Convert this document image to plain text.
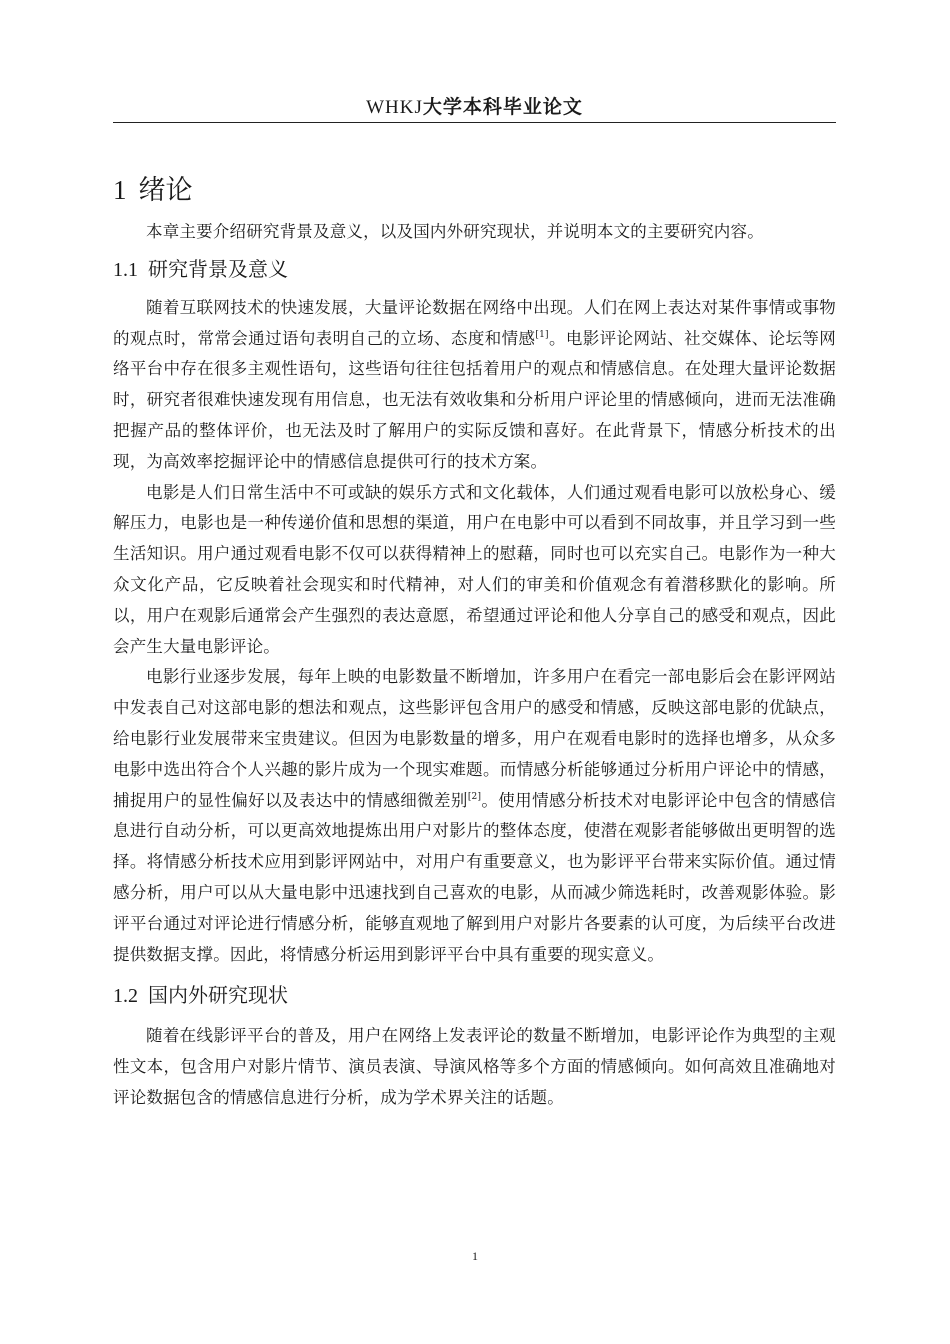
WHKJ大学本科毕业论文
1 绪论

本章主要介绍研究背景及意义，以及国内外研究现状，并说明本文的主要研究内容。

1.1 研究背景及意义

随着互联网技术的快速发展，大量评论数据在网络中出现。人们在网上表达对某件事情或事物的观点时，常常会通过语句表明自己的立场、态度和情感[1]。电影评论网站、社交媒体、论坛等网络平台中存在很多主观性语句，这些语句往往包括着用户的观点和情感信息。在处理大量评论数据时，研究者很难快速发现有用信息，也无法有效收集和分析用户评论里的情感倾向，进而无法准确把握产品的整体评价，也无法及时了解用户的实际反馈和喜好。在此背景下，情感分析技术的出现，为高效率挖掘评论中的情感信息提供可行的技术方案。

电影是人们日常生活中不可或缺的娱乐方式和文化载体，人们通过观看电影可以放松身心、缓解压力，电影也是一种传递价值和思想的渠道，用户在电影中可以看到不同故事，并且学习到一些生活知识。用户通过观看电影不仅可以获得精神上的慰藉，同时也可以充实自己。电影作为一种大众文化产品，它反映着社会现实和时代精神，对人们的审美和价值观念有着潜移默化的影响。所以，用户在观影后通常会产生强烈的表达意愿，希望通过评论和他人分享自己的感受和观点，因此会产生大量电影评论。

电影行业逐步发展，每年上映的电影数量不断增加，许多用户在看完一部电影后会在影评网站中发表自己对这部电影的想法和观点，这些影评包含用户的感受和情感，反映这部电影的优缺点，给电影行业发展带来宝贵建议。但因为电影数量的增多，用户在观看电影时的选择也增多，从众多电影中选出符合个人兴趣的影片成为一个现实难题。而情感分析能够通过分析用户评论中的情感，捕捉用户的显性偏好以及表达中的情感细微差别[2]。使用情感分析技术对电影评论中包含的情感信息进行自动分析，可以更高效地提炼出用户对影片的整体态度，使潜在观影者能够做出更明智的选择。将情感分析技术应用到影评网站中，对用户有重要意义，也为影评平台带来实际价值。通过情感分析，用户可以从大量电影中迅速找到自己喜欢的电影，从而减少筛选耗时，改善观影体验。影评平台通过对评论进行情感分析，能够直观地了解到用户对影片各要素的认可度，为后续平台改进提供数据支撑。因此，将情感分析运用到影评平台中具有重要的现实意义。

1.2 国内外研究现状

随着在线影评平台的普及，用户在网络上发表评论的数量不断增加，电影评论作为典型的主观性文本，包含用户对影片情节、演员表演、导演风格等多个方面的情感倾向。如何高效且准确地对评论数据包含的情感信息进行分析，成为学术界关注的话题。

1
